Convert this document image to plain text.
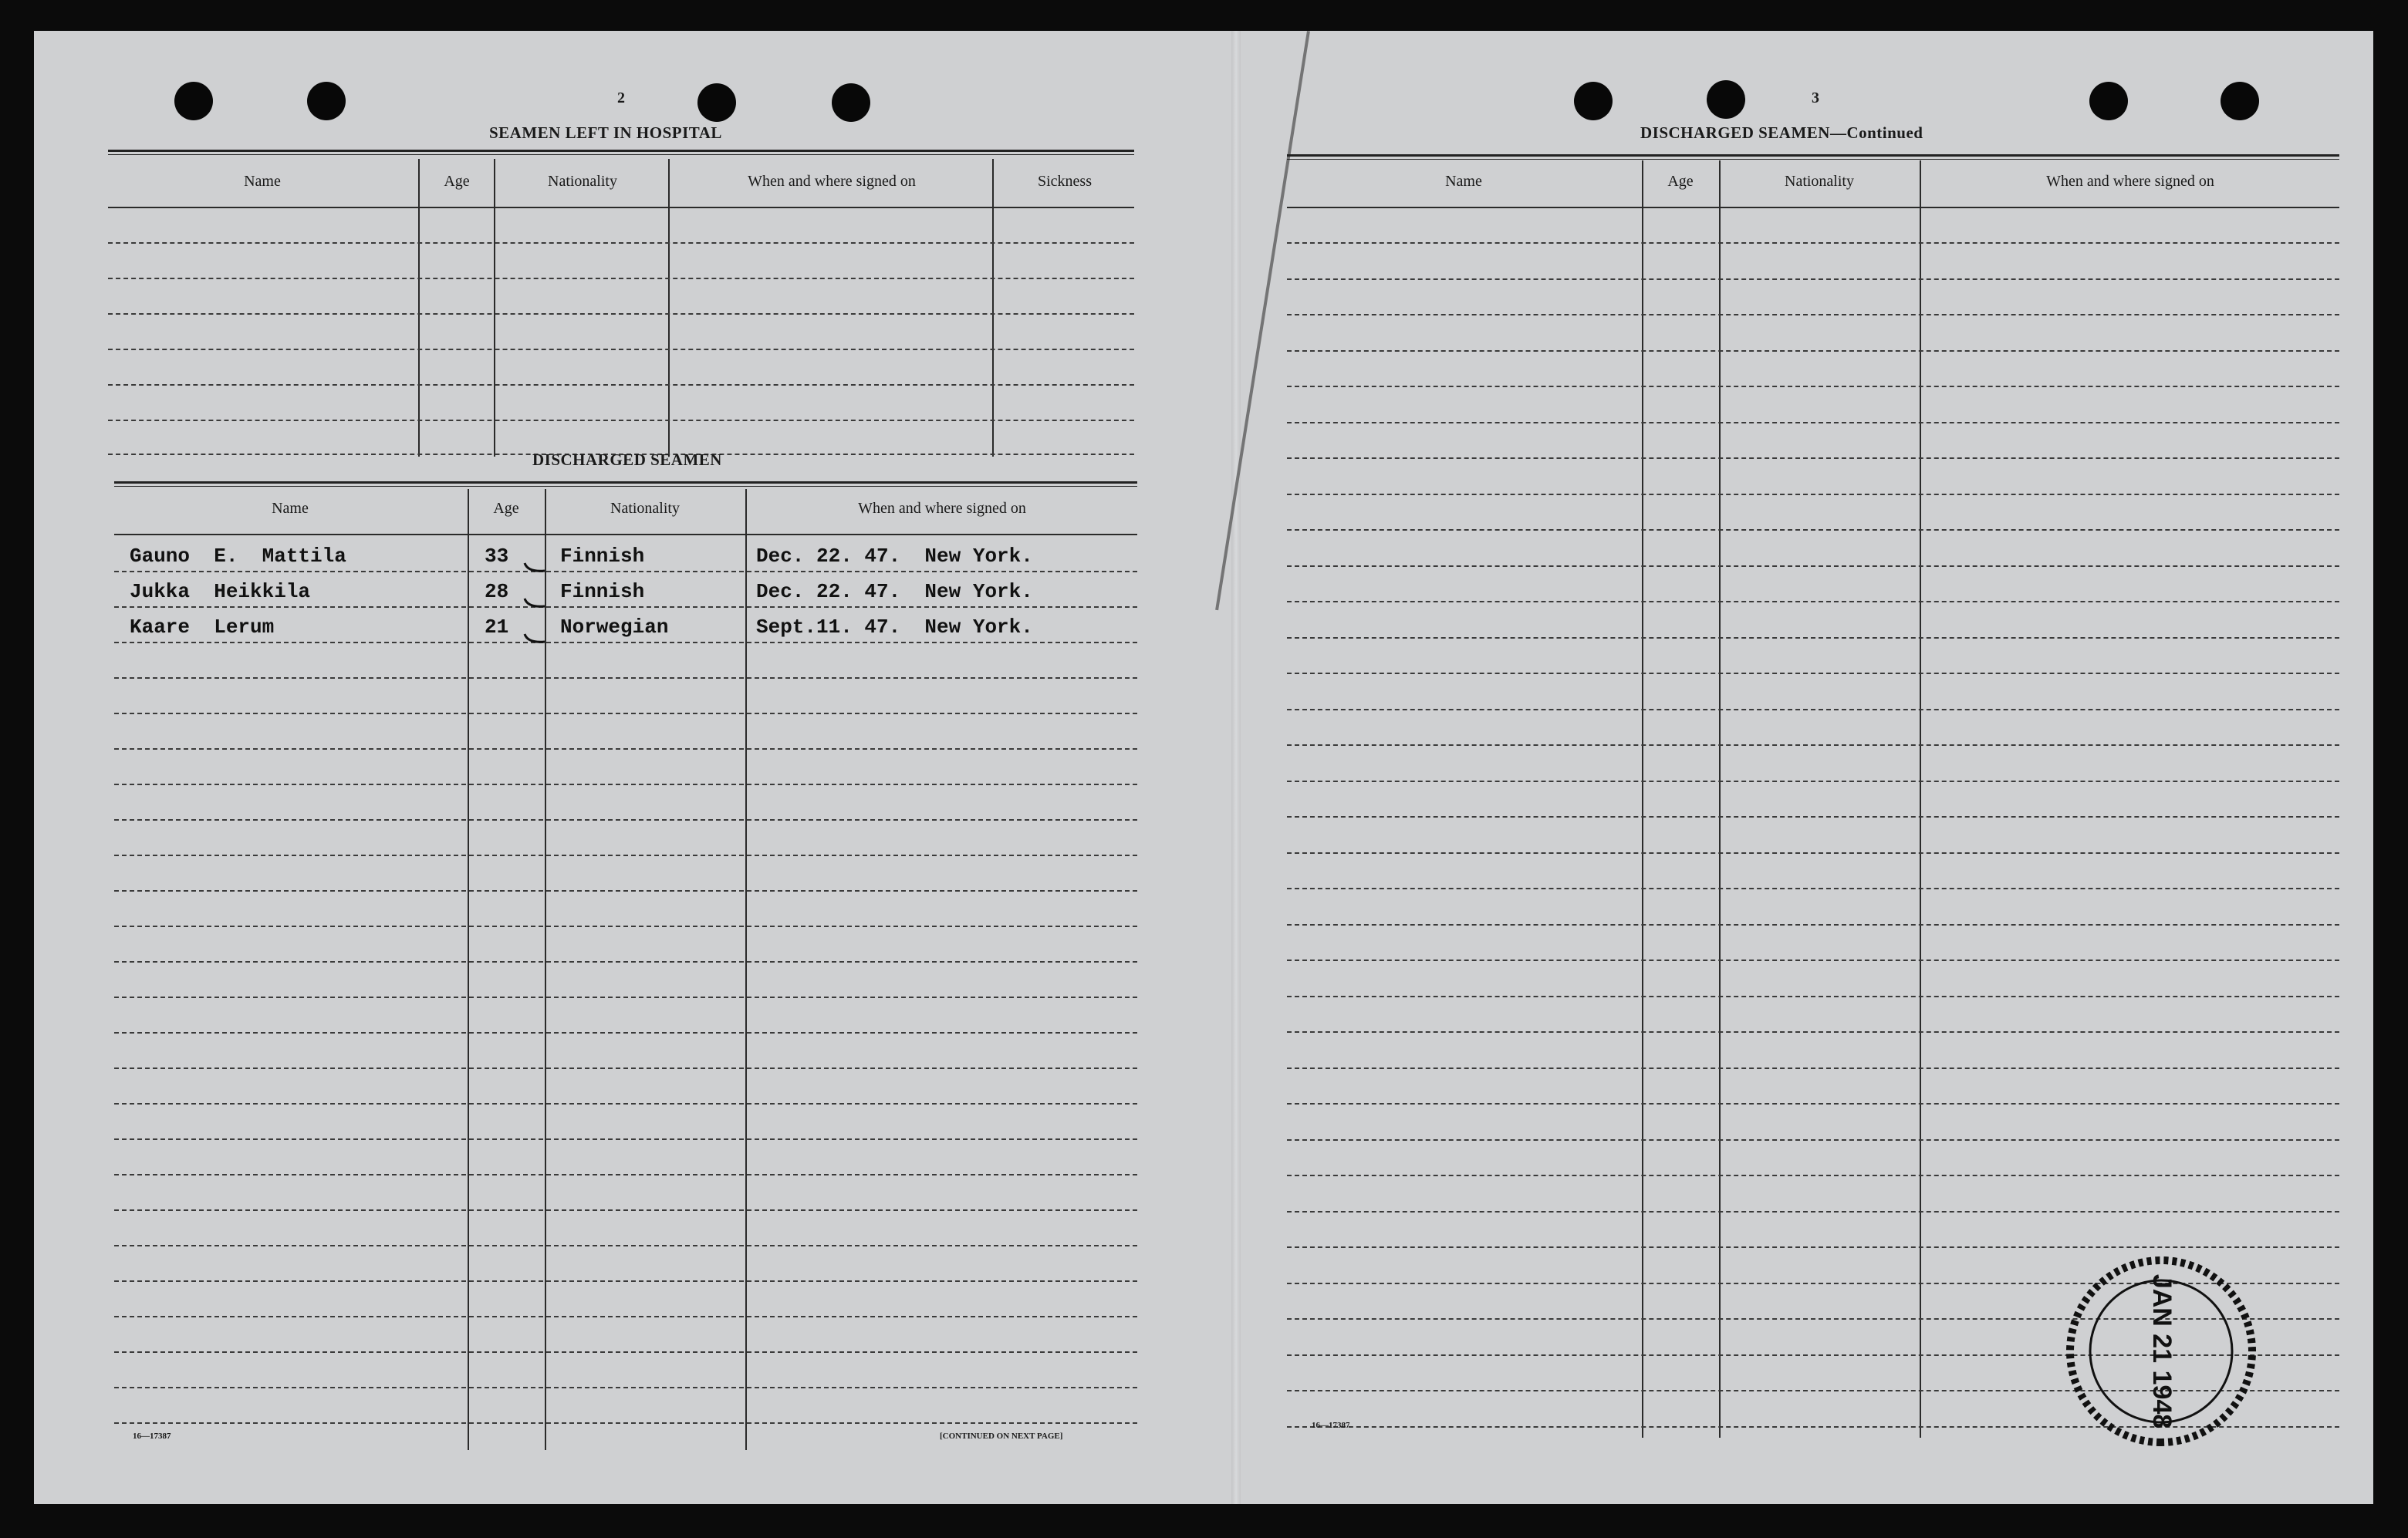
2
SEAMEN LEFT IN HOSPITAL
Name	Age	Nationality	When and where signed on	Sickness
DISCHARGED SEAMEN
Name	Age	Nationality	When and where signed on
Gauno  E.  Mattila	33	Finnish	Dec. 22. 47.  New York.
Jukka  Heikkila	28	Finnish	Dec. 22. 47.  New York.
Kaare  Lerum	21	Norwegian	Sept.11. 47.  New York.
16—17387	[CONTINUED ON NEXT PAGE]
3
DISCHARGED SEAMEN—Continued
Name	Age	Nationality	When and where signed on
16—17387	JAN 21 1948
